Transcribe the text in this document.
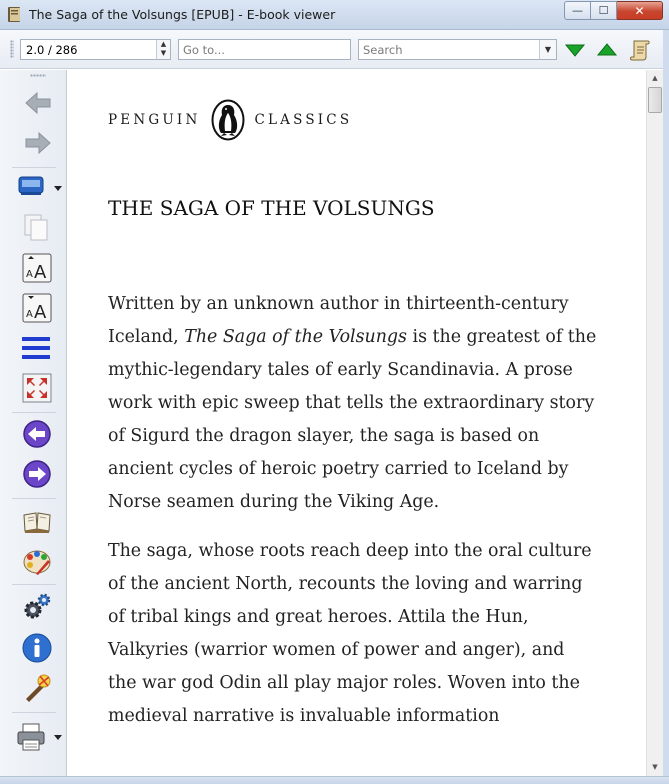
The Saga of the Volsungs [EPUB] - E-book viewer	—	☐	✕
2.0 / 286	▲
▼	Go to...	Search	▼
A A
A A
PENGUIN	CLASSICS
THE SAGA OF THE VOLSUNGS
Written by an unknown author in thirteenth-century
Iceland, The Saga of the Volsungs is the greatest of the
mythic-legendary tales of early Scandinavia. A prose
work with epic sweep that tells the extraordinary story
of Sigurd the dragon slayer, the saga is based on
ancient cycles of heroic poetry carried to Iceland by
Norse seamen during the Viking Age.
The saga, whose roots reach deep into the oral culture
of the ancient North, recounts the loving and warring
of tribal kings and great heroes. Attila the Hun,
Valkyries (warrior women of power and anger), and
the war god Odin all play major roles. Woven into the
medieval narrative is invaluable information
▲
▼
